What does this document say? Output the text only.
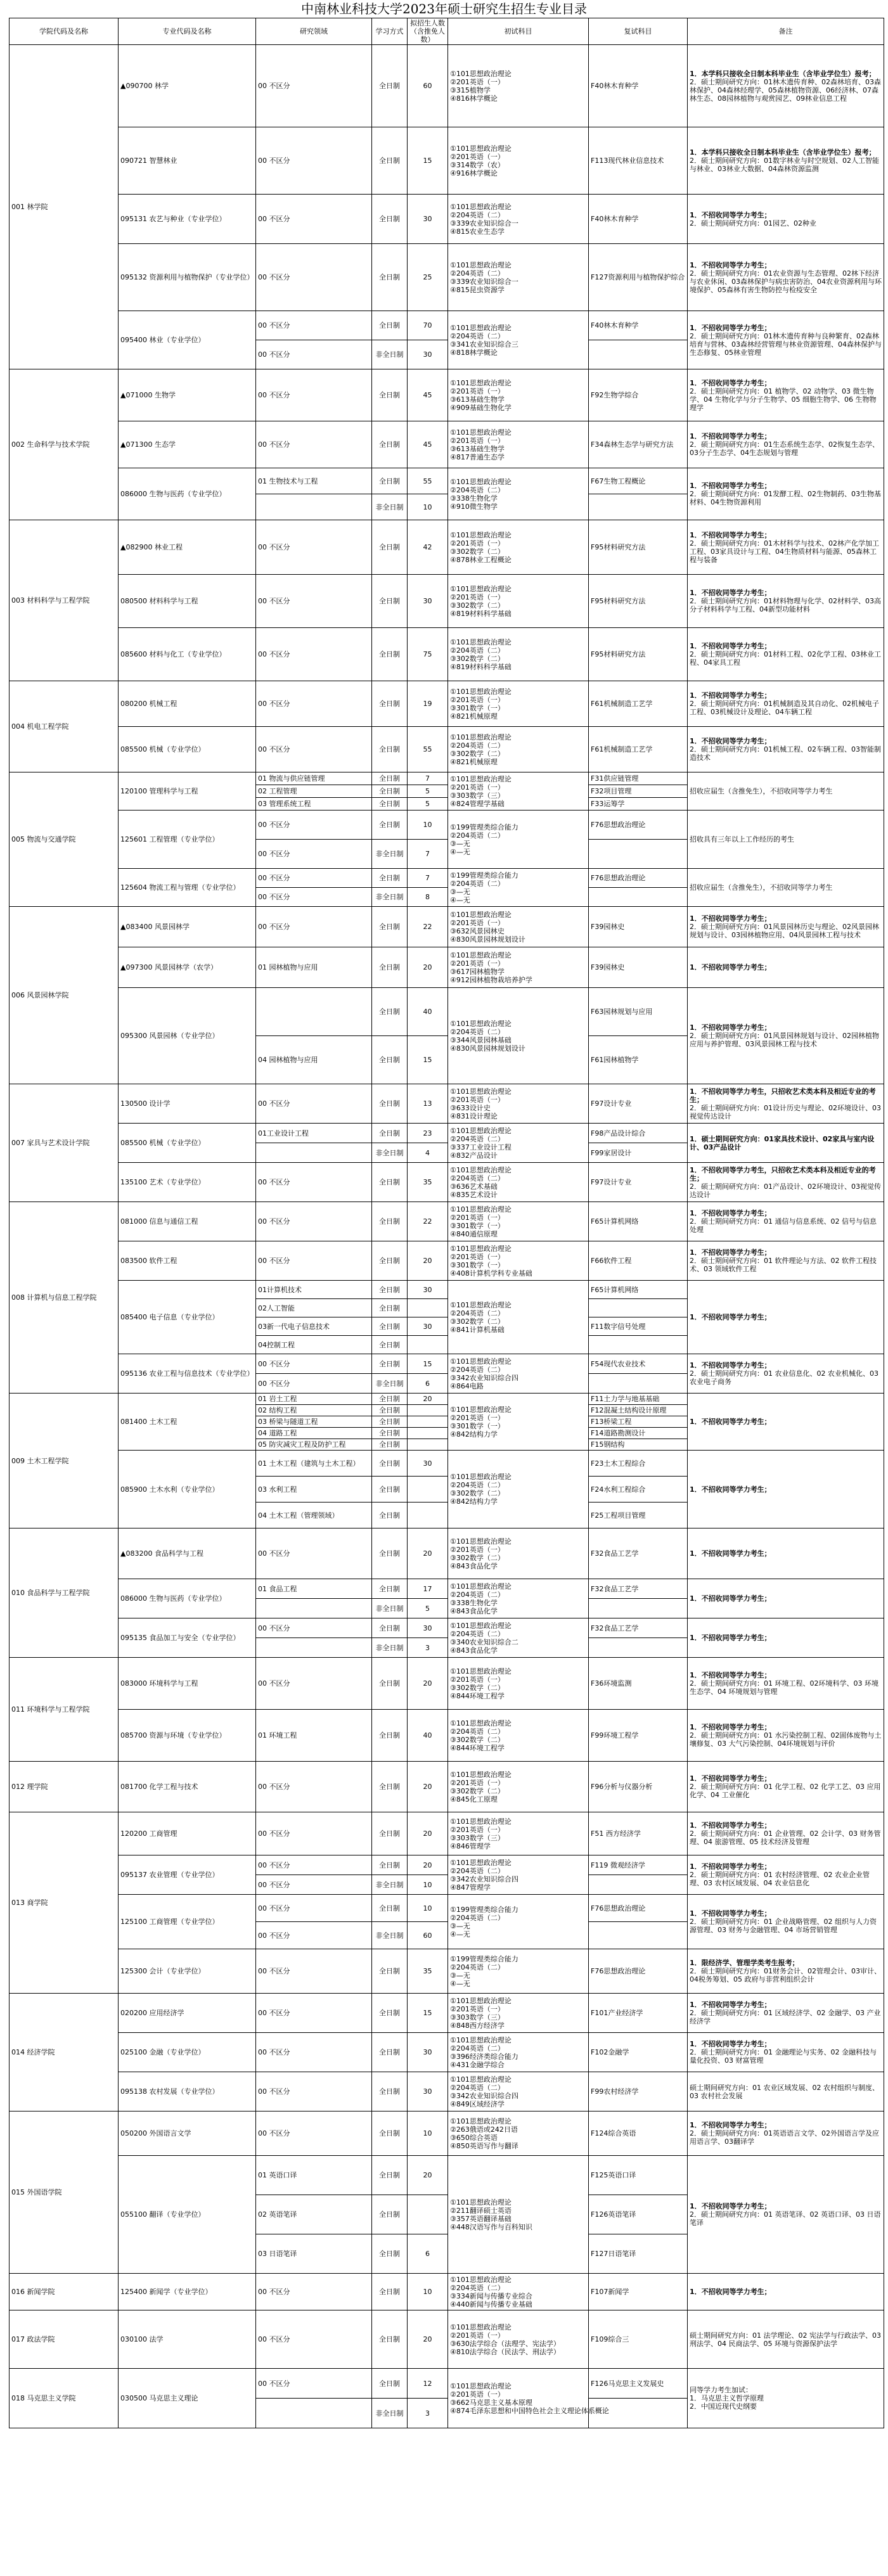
中南林业科技大学2023年硕士研究生招生专业目录
学院代码及名称	专业代码及名称	研究领域	学习方式	拟招生人数（含推免人数）	初试科目	复试科目	备注
001 林学院	▲090700 林学	00 不区分	全日制	60	①101思想政治理论
②201英语（一）
③315植物学
④816林学概论	F40林木育种学	1．本学科只接收全日制本科毕业生（含毕业学位生）报考；
2．硕士期间研究方向：01林木遗传育种、02森林培育、03森林保护、04森林经理学、05森林植物资源、06经济林、07森林生态、08园林植物与观赏园艺、09林业信息工程

	090721 智慧林业	00 不区分	全日制	15	①101思想政治理论
②201英语（一）
③314数学（农）
④916林学概论	F113现代林业信息技术	1．本学科只接收全日制本科毕业生（含毕业学位生）报考；
2．硕士期间研究方向：01数字林业与时空规划、02人工智能与林业、03林业大数据、04森林资源监测

	095131 农艺与种业（专业学位）	00 不区分	全日制	30	①101思想政治理论
②204英语（二）
③339农业知识综合一
④815农业生态学	F40林木育种学	1．不招收同等学力考生；
2．硕士期间研究方向：01园艺、02种业

	095132 资源利用与植物保护（专业学位）	00 不区分	全日制	25	①101思想政治理论
②204英语（二）
③339农业知识综合一
④815昆虫资源学	F127资源利用与植物保护综合	1．不招收同等学力考生；
2．硕士期间研究方向：01农业资源与生态管理、02林下经济与农业休闲、03森林保护与病虫害防治、04农业资源利用与环境保护、05森林有害生物防控与检疫安全

	095400 林业（专业学位）	00 不区分	全日制	70	①101思想政治理论
②204英语（二）
③341农业知识综合三
④818林学概论	F40林木育种学	1．不招收同等学力考生；
2．硕士期间研究方向：01林木遗传育种与良种繁育、02森林培育与营林、03森林经营管理与林业资源管理、04森林保护与生态修复、05林业管理

		00 不区分	非全日制	30			
002 生命科学与技术学院	▲071000 生物学	00 不区分	全日制	45	①101思想政治理论
②201英语（一）
③613基础生物学
④909基础生物化学	F92生物学综合	1．不招收同等学力考生；
2．硕士期间研究方向：01 植物学、02 动物学、03 微生物学、04 生物化学与分子生物学、05 细胞生物学、06 生物物理学

	▲071300 生态学	00 不区分	全日制	45	①101思想政治理论
②201英语（一）
③613基础生物学
④817普通生态学	F34森林生态学与研究方法	1．不招收同等学力考生；
2．硕士期间研究方向：01生态系统生态学、02恢复生态学、03分子生态学、04生态规划与管理

	086000 生物与医药（专业学位）	01 生物技术与工程	全日制	55	①101思想政治理论
②204英语（二）
③338生物化学
④910微生物学	F67生物工程概论	1．不招收同等学力考生；
2．硕士期间研究方向：01发酵工程、02生物制药、03生物基材料、04生物资源利用

			非全日制	10			
003 材料科学与工程学院	▲082900 林业工程	00 不区分	全日制	42	①101思想政治理论
②201英语（一）
③302数学（二）
④878林业工程概论	F95材料研究方法	1．不招收同等学力考生；
2．硕士期间研究方向：01木材科学与技术、02林产化学加工工程、03家具设计与工程、04生物质材料与能源、05森林工程与装备

	080500 材料科学与工程	00 不区分	全日制	30	①101思想政治理论
②201英语（一）
③302数学（二）
④819材料科学基础	F95材料研究方法	1．不招收同等学力考生；
2．硕士期间研究方向：01材料物理与化学、02材料学、03高分子材料科学与工程、04新型功能材料

	085600 材料与化工（专业学位）	00 不区分	全日制	75	①101思想政治理论
②204英语（二）
③302数学（二）
④819材料科学基础	F95材料研究方法	1．不招收同等学力考生；
2．硕士期间研究方向：01材料工程、02化学工程、03林业工程、04家具工程

004 机电工程学院	080200 机械工程	00 不区分	全日制	19	①101思想政治理论
②201英语（一）
③301数学（一）
④821机械原理	F61机械制造工艺学	1．不招收同等学力考生；
2．硕士期间研究方向：01机械制造及其自动化、02机械电子工程、03机械设计及理论、04车辆工程

	085500 机械（专业学位）	00 不区分	全日制	55	①101思想政治理论
②204英语（二）
③302数学（二）
④821机械原理	F61机械制造工艺学	1．不招收同等学力考生；
2．硕士期间研究方向：01机械工程、02车辆工程、03智能制造技术

005 物流与交通学院	120100 管理科学与工程	01 物流与供应链管理	全日制	7	①101思想政治理论
②201英语（一）
③303数学（三）
④824管理学基础	F31供应链管理	招收应届生（含推免生），不招收同等学力考生

		02 工程管理	全日制	5		F32项目管理	
		03 管理系统工程	全日制	5		F33运筹学	
	125601 工程管理（专业学位）	00 不区分	全日制	10	①199管理类综合能力
②204英语（二）
③—无
④—无	F76思想政治理论	招收具有三年以上工作经历的考生

		00 不区分	非全日制	7			
	125604 物流工程与管理（专业学位）	00 不区分	全日制	7	①199管理类综合能力
②204英语（二）
③—无
④—无	F76思想政治理论	招收应届生（含推免生），不招收同等学力考生

		00 不区分	非全日制	8			
006 风景园林学院	▲083400 风景园林学	00 不区分	全日制	22	①101思想政治理论
②201英语（一）
③632风景园林史
④830风景园林规划设计	F39园林史	1．不招收同等学力考生；
2．硕士期间研究方向：01风景园林历史与理论、02风景园林规划与设计、03园林植物应用、04风景园林工程与技术

	▲097300 风景园林学（农学）	01 园林植物与应用	全日制	20	①101思想政治理论
②201英语（一）
③617园林植物学
④912园林植物栽培养护学	F39园林史	1．不招收同等学力考生；

	095300 风景园林（专业学位）		全日制	40	①101思想政治理论
②204英语（二）
③344风景园林基础
④830风景园林规划设计	F63园林规划与应用	1．不招收同等学力考生；
2．硕士期间研究方向：01风景园林规划与设计、02园林植物应用与养护管理、03风景园林工程与技术

		04 园林植物与应用	全日制	15		F61园林植物学	
007 家具与艺术设计学院	130500 设计学	00 不区分	全日制	13	①101思想政治理论
②201英语（一）
③633设计史
④831设计理论	F97设计专业	1．不招收同等学力考生，只招收艺术类本科及相近专业的考生；
2．硕士期间研究方向：01设计历史与理论、02环境设计、03视觉传达设计

	085500 机械（专业学位）	01工业设计工程	全日制	23	①101思想政治理论
②204英语（二）
③337工业设计工程
④832产品设计	F98产品设计综合	1．硕士期间研究方向：01家具技术设计、02家具与室内设计、03产品设计

			非全日制	4		F99家居设计	
	135100 艺术（专业学位）	00 不区分	全日制	35	①101思想政治理论
②204英语（二）
③636艺术基础
④835艺术设计	F97设计专业	1．不招收同等学力考生，只招收艺术类本科及相近专业的考生；
2．硕士期间研究方向：01产品设计、02环境设计、03视觉传达设计

008 计算机与信息工程学院	081000 信息与通信工程	00 不区分	全日制	22	①101思想政治理论
②201英语（一）
③301数学（一）
④840通信原理	F65计算机网络	1．不招收同等学力考生；
2．硕士期间研究方向：01 通信与信息系统、02 信号与信息处理

	083500 软件工程	00 不区分	全日制	20	①101思想政治理论
②201英语（一）
③301数学（一）
④408计算机学科专业基础	F66软件工程	1．不招收同等学力考生；
2．硕士期间研究方向：01 软件理论与方法、02 软件工程技术、03 领域软件工程

	085400 电子信息（专业学位）	01计算机技术	全日制	30	①101思想政治理论
②204英语（二）
③302数学（二）
④841计算机基础	F65计算机网络	1．不招收同等学力考生；

		02人工智能	全日制				
		03新一代电子信息技术	全日制	30		F11数字信号处理	
		04控制工程	全日制				
	095136 农业工程与信息技术（专业学位）	00 不区分	全日制	15	①101思想政治理论
②204英语（二）
③342农业知识综合四
④864电路	F54现代农业技术	1．不招收同等学力考生；
2．硕士期间研究方向：01 农业信息化、02 农业机械化、03 农业电子商务

		00 不区分	非全日制	6			
009 土木工程学院	081400 土木工程	01 岩土工程	全日制	20	①101思想政治理论
②201英语（一）
③301数学（一）
④842结构力学	F11土力学与地基基础	1．不招收同等学力考生；

		02 结构工程	全日制			F12混凝土结构设计原理	
		03 桥梁与隧道工程	全日制			F13桥梁工程	
		04 道路工程	全日制			F14道路勘测设计	
		05 防灾减灾工程及防护工程	全日制			F15钢结构	
	085900 土木水利（专业学位）	01 土木工程（建筑与土木工程）	全日制	30	①101思想政治理论
②204英语（二）
③302数学（二）
④842结构力学	F23土木工程综合	1．不招收同等学力考生；

		03 水利工程	全日制			F24水利工程综合	
		04 土木工程（管理领域）	全日制			F25工程项目管理	
010 食品科学与工程学院	▲083200 食品科学与工程	00 不区分	全日制	20	①101思想政治理论
②201英语（一）
③302数学（二）
④843食品化学	F32食品工艺学	1．不招收同等学力考生；

	086000 生物与医药（专业学位）	01 食品工程	全日制	17	①101思想政治理论
②204英语（二）
③338生物化学
④843食品化学	F32食品工艺学	1．不招收同等学力考生；

			非全日制	5			
	095135 食品加工与安全（专业学位）	00 不区分	全日制	30	①101思想政治理论
②204英语（二）
③340农业知识综合二
④843食品化学	F32食品工艺学	1．不招收同等学力考生；

			非全日制	3			
011 环境科学与工程学院	083000 环境科学与工程	00 不区分	全日制	20	①101思想政治理论
②201英语（一）
③302数学（二）
④844环境工程学	F36环境监测	1．不招收同等学力考生；
2．硕士期间研究方向：01 环境工程、02环境科学、03 环境生态学、04 环境规划与管理

	085700 资源与环境（专业学位）	01 环境工程	全日制	40	①101思想政治理论
②204英语（二）
③302数学（二）
④844环境工程学	F99环境工程学	1．不招收同等学力考生；
2．硕士期间研究方向：01 水污染控制工程、02固体废物与土壤修复、03 大气污染控制、04环境规划与评价

012 理学院	081700 化学工程与技术	00 不区分	全日制	20	①101思想政治理论
②201英语（一）
③302数学（二）
④845化工原理	F96分析与仪器分析	1．不招收同等学力考生；
2．硕士期间研究方向：01 化学工程、02 化学工艺、03 应用化学、04 工业催化

013 商学院	120200 工商管理	00 不区分	全日制	20	①101思想政治理论
②201英语（一）
③303数学（三）
④846管理学	F51 西方经济学	1．不招收同等学力考生；
2．硕士期间研究方向：01 企业管理、02 会计学、03 财务管理、04 旅游管理、05 技术经济及管理

	095137 农业管理（专业学位）	00 不区分	全日制	20	①101思想政治理论
②204英语（二）
③342农业知识综合四
④847管理学	F119 微观经济学	1．不招收同等学力考生；
2．硕士期间研究方向：01 农村经济管理、02 农业企业管理、03 农村区域发展、04 农业信息化

		00 不区分	非全日制	10			
	125100 工商管理（专业学位）	00 不区分	全日制	10	①199管理类综合能力
②204英语（二）
③—无
④—无	F76思想政治理论	1．不招收同等学力考生；
2．硕士期间研究方向：01 企业战略管理、02 组织与人力资源管理、03 财务与金融管理、04 市场营销管理

		00 不区分	非全日制	60			
	125300 会计（专业学位）	00 不区分	全日制	35	①199管理类综合能力
②204英语（二）
③—无
④—无	F76思想政治理论	1．限经济学、管理学类考生报考；
2．硕士期间研究方向：01财务会计、02管理会计、03审计、04税务筹划、05 政府与非营利组织会计

014 经济学院	020200 应用经济学	00 不区分	全日制	15	①101思想政治理论
②201英语（一）
③303数学（三）
④848西方经济学	F101产业经济学	1．不招收同等学力考生；
2．硕士期间研究方向：01 区域经济学、02 金融学、03 产业经济学

	025100 金融（专业学位）	00 不区分	全日制	30	①101思想政治理论
②204英语（二）
③396经济类综合能力
④431金融学综合	F102金融学	1．不招收同等学力考生；
2．硕士期间研究方向：01 金融理论与实务、02 金融科技与量化投资、03 财富管理

	095138 农村发展（专业学位）	00 不区分	全日制	30	①101思想政治理论
②204英语（二）
③342农业知识综合四
④849区域经济学	F99农村经济学	硕士期间研究方向：01 农业区域发展、02 农村组织与制度、03 农村社会发展

015 外国语学院	050200 外国语言文学	00 不区分	全日制	10	①101思想政治理论
②263俄语或242日语
③650综合英语
④850英语写作与翻译	F124综合英语	1．不招收同等学力考生；
2．硕士期间研究方向：01英语语言文学、02外国语言学及应用语言学、03翻译学

	055100 翻译（专业学位）	01 英语口译	全日制	20	①101思想政治理论
②211翻译硕士英语
③357英语翻译基础
④448汉语写作与百科知识	F125英语口译	1．不招收同等学力考生；
2．硕士期间研究方向：01 英语笔译、02 英语口译、03 日语笔译

		02 英语笔译	全日制			F126英语笔译	
		03 日语笔译	全日制	6		F127日语笔译	
016 新闻学院	125400 新闻学（专业学位）	00 不区分	全日制	10	①101思想政治理论
②204英语（二）
③334新闻与传播专业综合
④440新闻与传播专业基础	F107新闻学	1．不招收同等学力考生；

017 政法学院	030100 法学	00 不区分	全日制	20	①101思想政治理论
②201英语（一）
③630法学综合（法理学、宪法学）
④810法学综合（民法学、刑法学）	F109综合三	硕士期间研究方向：01 法学理论、02 宪法学与行政法学、03 刑法学、04 民商法学、05 环境与资源保护法学

018 马克思主义学院	030500 马克思主义理论	00 不区分	全日制	12	①101思想政治理论
②201英语（一）
③662马克思主义基本原理
④874毛泽东思想和中国特色社会主义理论体系概论	F126马克思主义发展史	同等学力考生加试：
1．马克思主义哲学原理
2．中国近现代史纲要

			非全日制	3			
